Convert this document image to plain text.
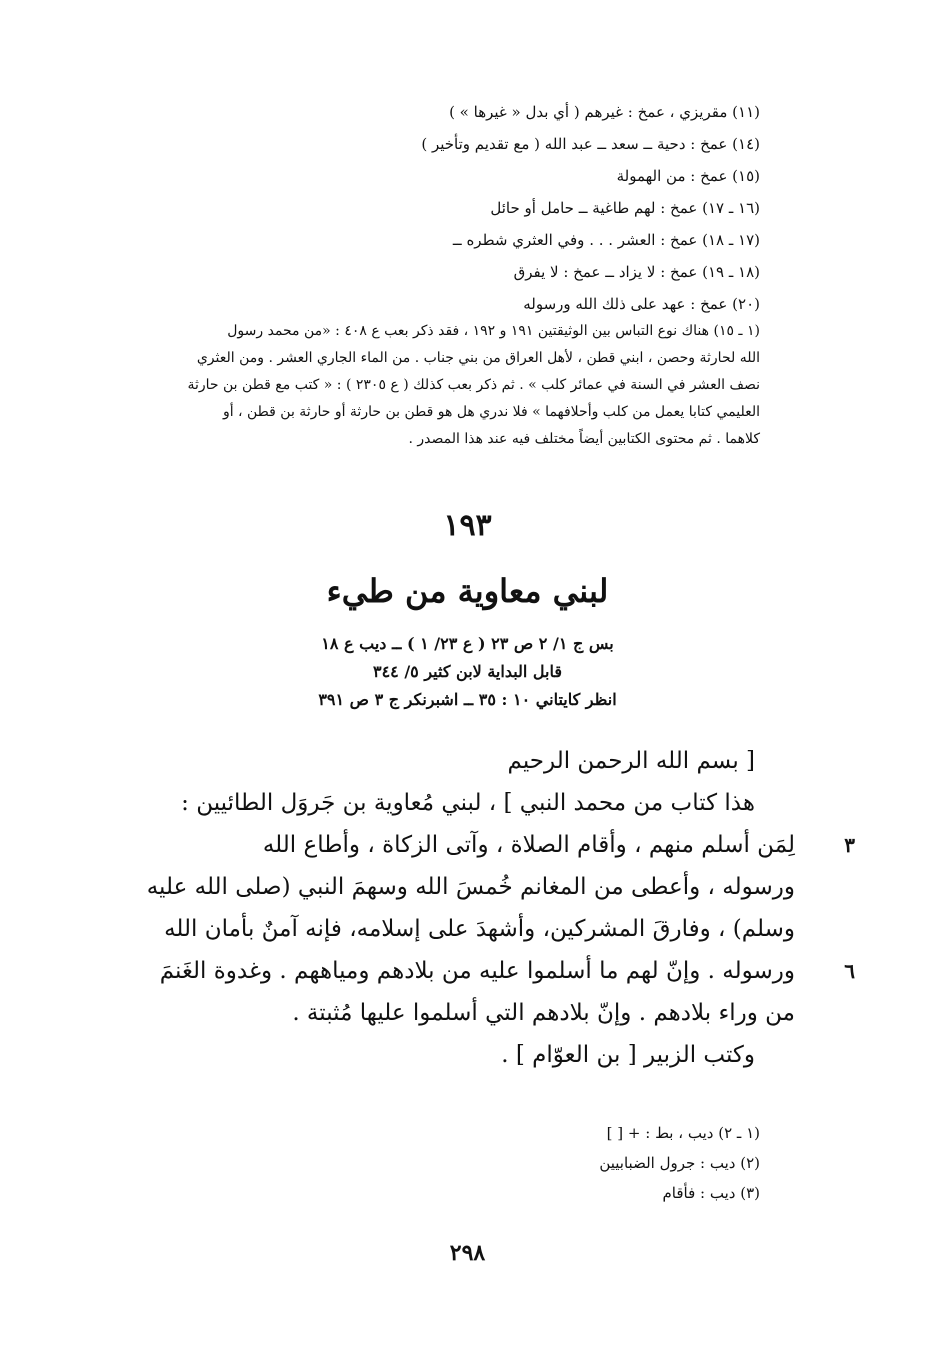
(١١) مقريزي ، عمخ : غيرهم ( أي بدل « غيرها » )
(١٤) عمخ : دحية ــ سعد ــ عبد الله ( مع تقديم وتأخير )
(١٥) عمخ : من الهمولة
(١٦ ـ ١٧) عمخ : لهم طاغية ــ حامل أو حائل
(١٧ ـ ١٨) عمخ : العشر . . . وفي العثري شطره ــ
(١٨ ـ ١٩) عمخ : لا يزاد ــ عمخ : لا يفرق
(٢٠) عمخ : عهد على ذلك الله ورسوله
(١ ـ ١٥) هناك نوع التباس بين الوثيقتين ١٩١ و ١٩٢ ، فقد ذكر بعب ع ٤٠٨ : «من محمد رسول
الله لحارثة وحصن ، ابني قطن ، لأهل العراق من بني جناب . من الماء الجاري العشر . ومن العثري
نصف العشر في السنة في عمائر كلب » . ثم ذكر بعب كذلك ( ع ٢٣٠٥ ) : « كتب مع قطن بن حارثة
العليمي كتابا يعمل من كلب وأحلافهما » فلا ندري هل هو قطن بن حارثة أو حارثة بن قطن ، أو
كلاهما . ثم محتوى الكتابين أيضاً مختلف فيه عند هذا المصدر .
١٩٣
لبني معاوية من طيء
بس ج ١/ ٢ ص ٢٣ ( ع ٢٣/ ١ ) ــ ديب ع ١٨
قابل البداية لابن كثير ٥/ ٣٤٤
انظر كايتاني ١٠ : ٣٥ ــ اشبرنكر ج ٣ ص ٣٩١
[ بسم الله الرحمن الرحيم
هذا كتاب من محمد النبي ] ، لبني مُعاوية بن جَروَل الطائيين :
لِمَن أسلم منهم ، وأقام الصلاة ، وآتى الزكاة ، وأطاع الله ٣
ورسوله ، وأعطى من المغانم خُمسَ الله وسهمَ النبي (صلى الله عليه
وسلم) ، وفارقَ المشركين، وأشهدَ على إسلامه، فإنه آمنٌ بأمان الله
ورسوله . وإنّ لهم ما أسلموا عليه من بلادهم ومياههم . وغدوة الغَنمَ ٦
من وراء بلادهم . وإنّ بلادهم التي أسلموا عليها مُثبتة .
وكتب الزبير [ بن العوّام ] .
(١ ـ ٢) ديب ، بط : + [ ]
(٢) ديب : جرول الضبابيين
(٣) ديب : فأقام
٢٩٨
